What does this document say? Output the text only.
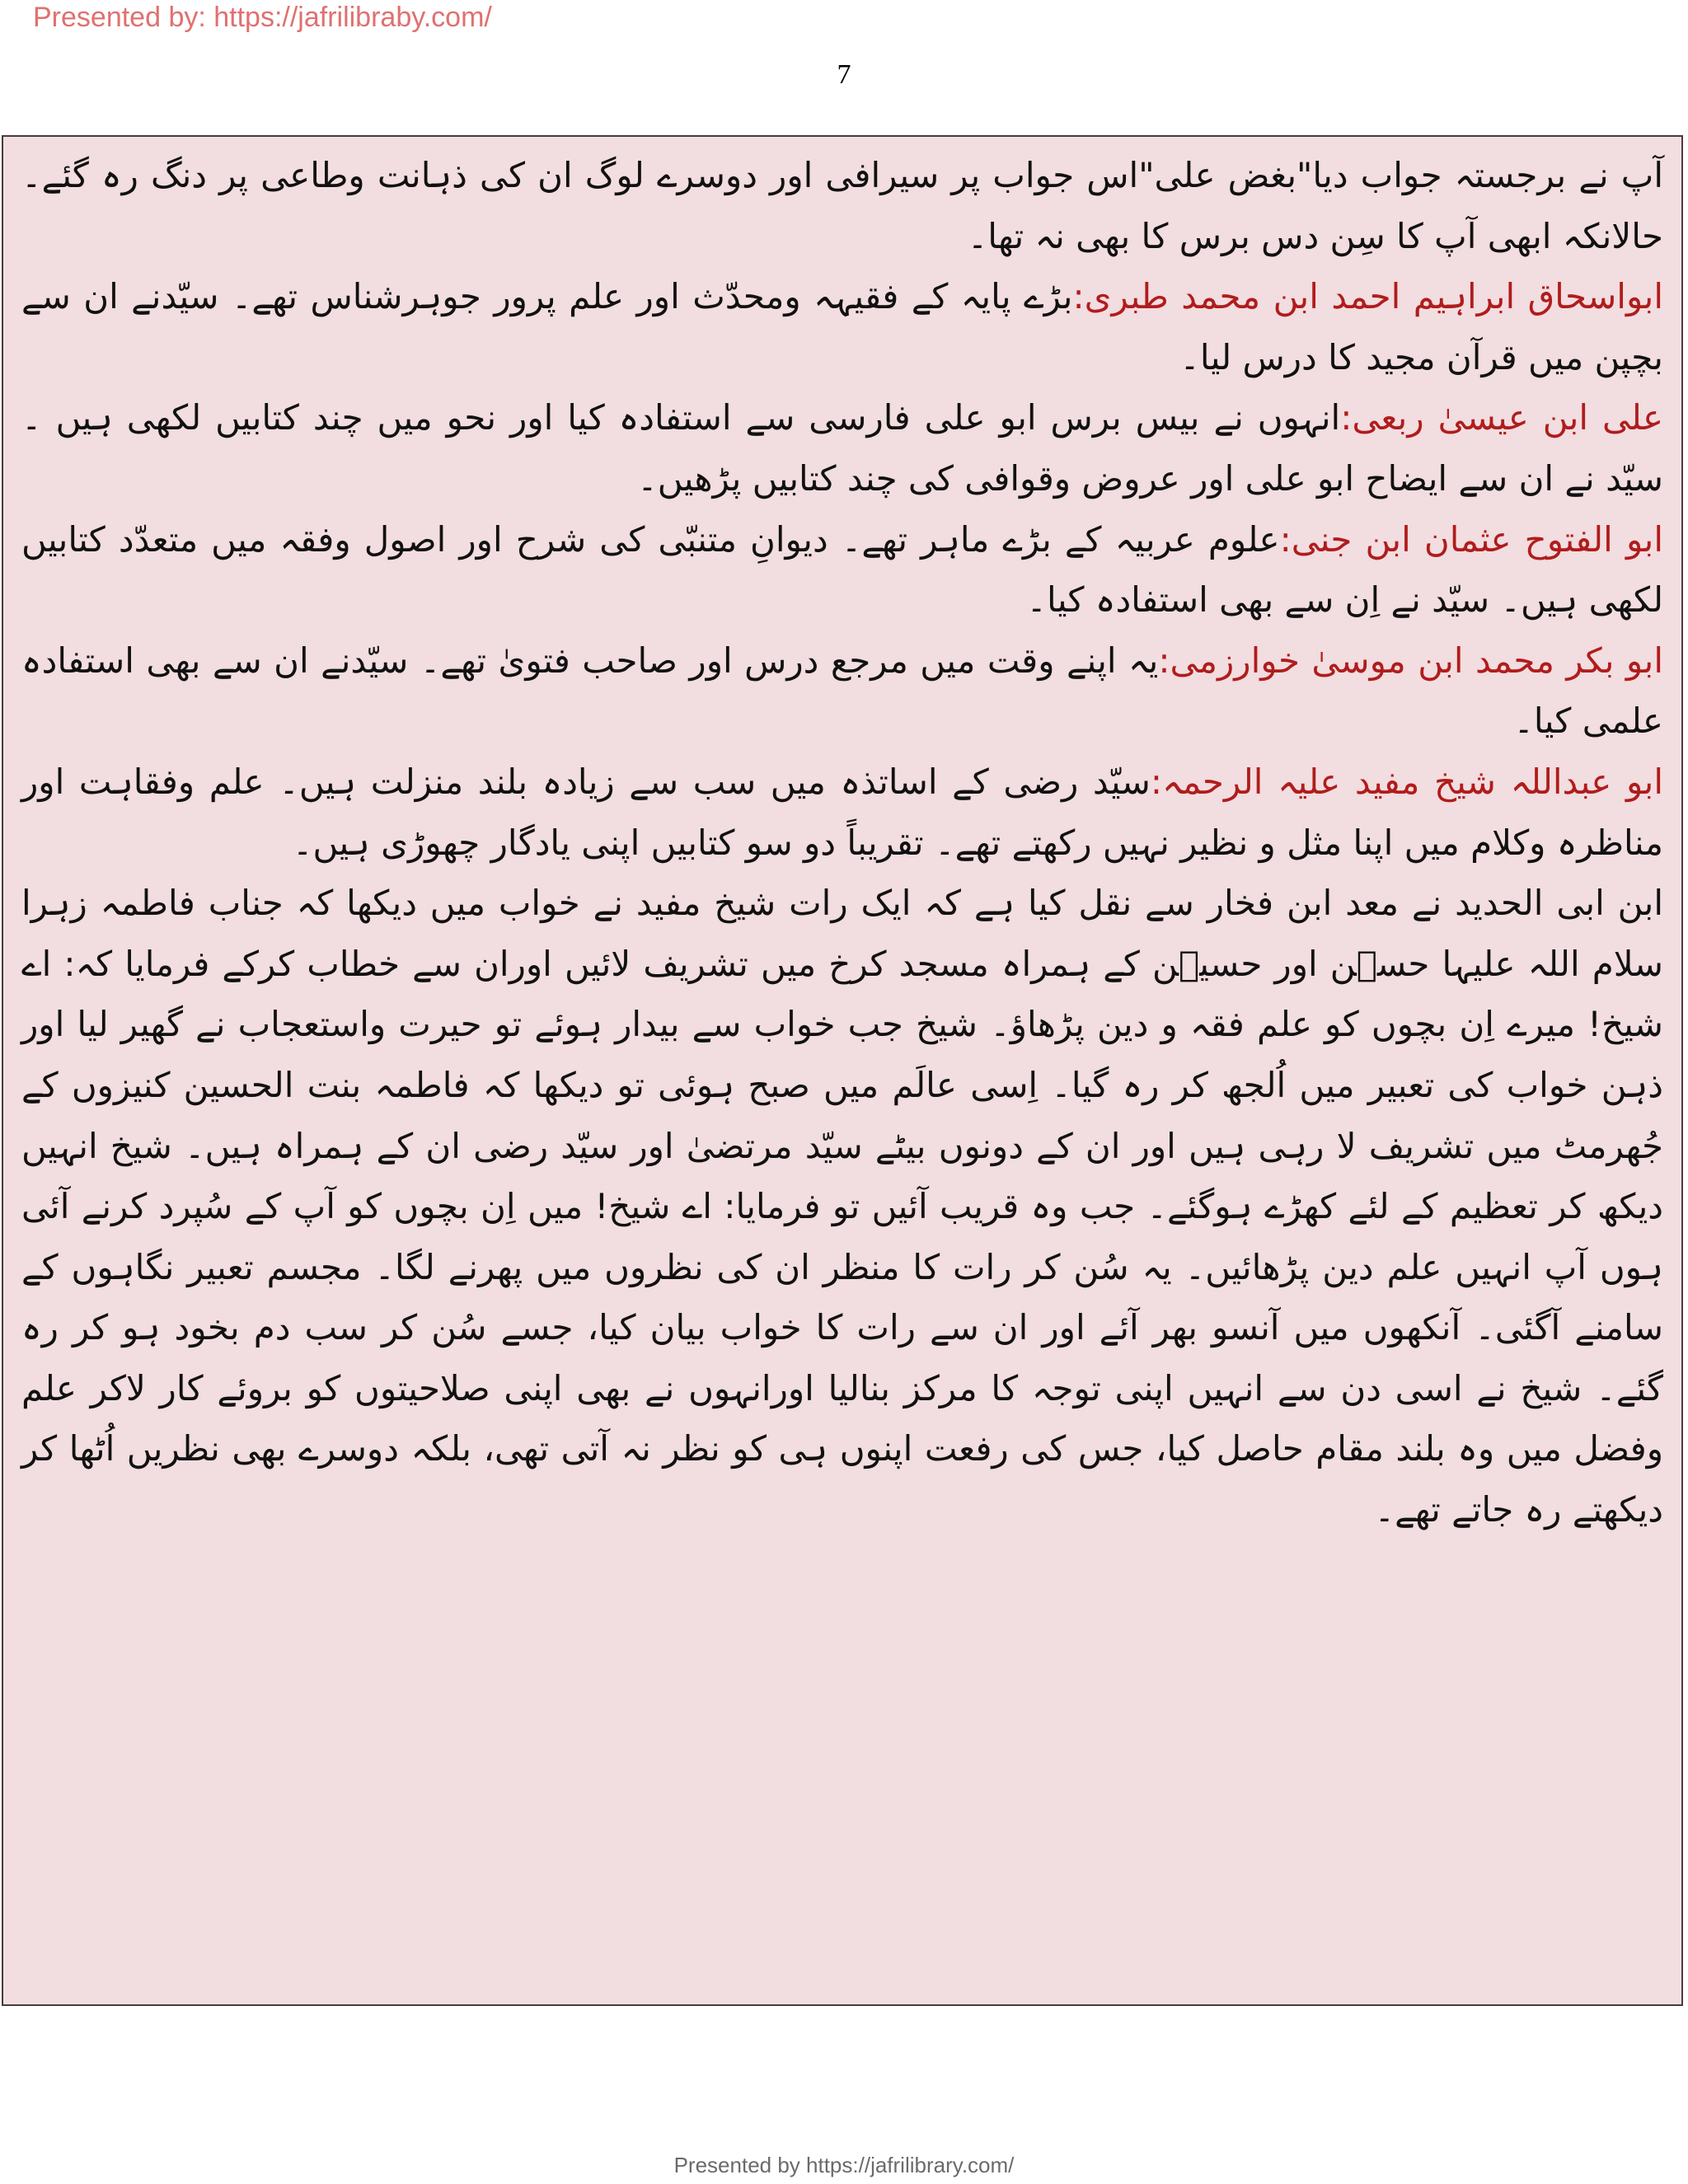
Presented by: https://jafrilibraby.com/
7

آپ نے برجستہ جواب دیا"بغض علی"اس جواب پر سیرافی اور دوسرے لوگ ان کی ذہانت وطاعی پر دنگ رہ گئے۔حالانکہ ابھی آپ کا سِن دس برس کا بھی نہ تھا۔

ابواسحاق ابراہیم احمد ابن محمد طبری:بڑے پایہ کے فقیہہ ومحدّث اور علم پرور جوہرشناس تھے۔ سیّدنے ان سے بچپن میں قرآن مجید کا درس لیا۔

علی ابن عیسیٰ ربعی:انہوں نے بیس برس ابو علی فارسی سے استفادہ کیا اور نحو میں چند کتابیں لکھی ہیں ۔ سیّد نے ان سے ایضاح ابو علی اور عروض وقوافی کی چند کتابیں پڑھیں۔

ابو الفتوح عثمان ابن جنی:علوم عربیہ کے بڑے ماہر تھے۔ دیوانِ متنبّی کی شرح اور اصول وفقہ میں متعدّد کتابیں لکھی ہیں۔ سیّد نے اِن سے بھی استفادہ کیا۔

ابو بکر محمد ابن موسیٰ خوارزمی:یہ اپنے وقت میں مرجع درس اور صاحب فتویٰ تھے۔ سیّدنے ان سے بھی استفادہ علمی کیا۔

ابو عبداللہ شیخ مفید علیہ الرحمہ:سیّد رضی کے اساتذہ میں سب سے زیادہ بلند منزلت ہیں۔ علم وفقاہت اور مناظرہ وکلام میں اپنا مثل و نظیر نہیں رکھتے تھے۔ تقریباً دو سو کتابیں اپنی یادگار چھوڑی ہیں۔

ابن ابی الحدید نے معد ابن فخار سے نقل کیا ہے کہ ایک رات شیخ مفید نے خواب میں دیکھا کہ جناب فاطمہ زہرا سلام اللہ علیہا حسؑن اور حسیؑن کے ہمراہ مسجد کرخ میں تشریف لائیں اوران سے خطاب کرکے فرمایا کہ: اے شیخ! میرے اِن بچوں کو علم فقہ و دین پڑھاؤ۔ شیخ جب خواب سے بیدار ہوئے تو حیرت واستعجاب نے گھیر لیا اور ذہن خواب کی تعبیر میں اُلجھ کر رہ گیا۔ اِسی عالَم میں صبح ہوئی تو دیکھا کہ فاطمہ بنت الحسین کنیزوں کے جُھرمٹ میں تشریف لا رہی ہیں اور ان کے دونوں بیٹے سیّد مرتضیٰ اور سیّد رضی ان کے ہمراہ ہیں۔ شیخ انہیں دیکھ کر تعظیم کے لئے کھڑے ہوگئے۔ جب وہ قریب آئیں تو فرمایا: اے شیخ! میں اِن بچوں کو آپ کے سُپرد کرنے آئی ہوں آپ انہیں علم دین پڑھائیں۔ یہ سُن کر رات کا منظر ان کی نظروں میں پھرنے لگا۔ مجسم تعبیر نگاہوں کے سامنے آگئی۔ آنکھوں میں آنسو بھر آئے اور ان سے رات کا خواب بیان کیا، جسے سُن کر سب دم بخود ہو کر رہ گئے۔ شیخ نے اسی دن سے انہیں اپنی توجہ کا مرکز بنالیا اورانہوں نے بھی اپنی صلاحیتوں کو بروئے کار لاکر علم وفضل میں وہ بلند مقام حاصل کیا، جس کی رفعت اپنوں ہی کو نظر نہ آتی تھی، بلکہ دوسرے بھی نظریں اُٹھا کر دیکھتے رہ جاتے تھے۔

Presented by https://jafrilibrary.com/
